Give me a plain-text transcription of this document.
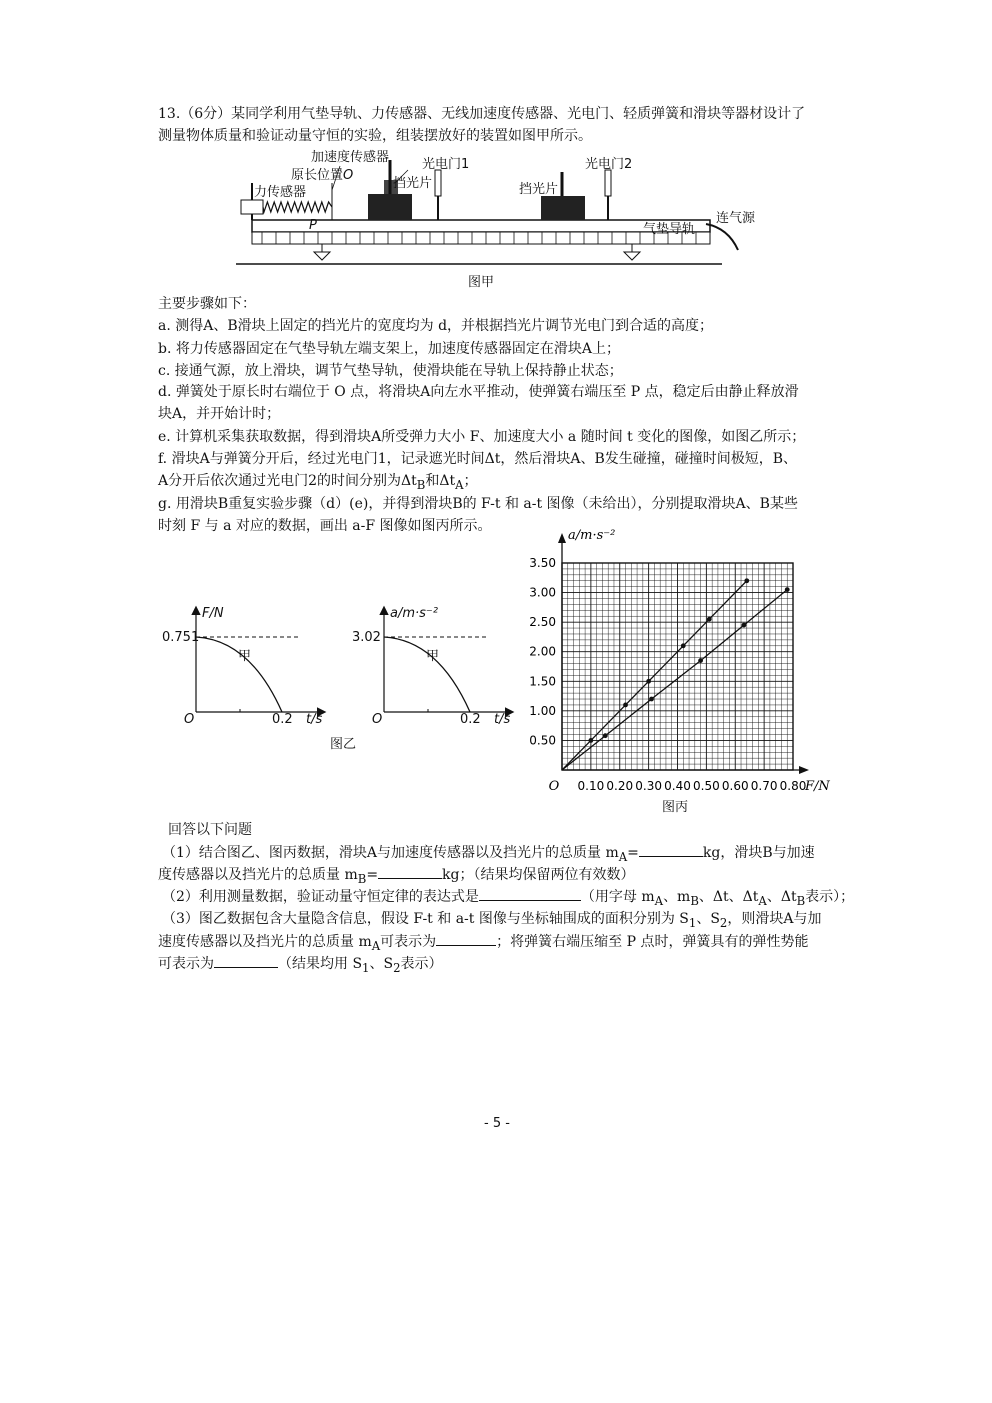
13.（6分）某同学利用气垫导轨、力传感器、无线加速度传感器、光电门、轻质弹簧和滑块等器材设计了
测量物体质量和验证动量守恒的实验，组装摆放好的装置如图甲所示。
加速度传感器
原长位置O
力传感器
挡光片	挡光片
光电门1	光电门2
气垫导轨
连气源
P
图甲
主要步骤如下：
a. 测得A、B滑块上固定的挡光片的宽度均为 d，并根据挡光片调节光电门到合适的高度；
b. 将力传感器固定在气垫导轨左端支架上，加速度传感器固定在滑块A上；
c. 接通气源，放上滑块，调节气垫导轨，使滑块能在导轨上保持静止状态；
d. 弹簧处于原长时右端位于 O 点，将滑块A向左水平推动，使弹簧右端压至 P 点，稳定后由静止释放滑
块A，并开始计时；
e. 计算机采集获取数据，得到滑块A所受弹力大小 F、加速度大小 a 随时间 t 变化的图像，如图乙所示；
f. 滑块A与弹簧分开后，经过光电门1，记录遮光时间Δt，然后滑块A、B发生碰撞，碰撞时间极短，B、
A分开后依次通过光电门2的时间分别为$\Delta t_B$和$\Delta t_A$；
g. 用滑块B重复实验步骤（d）(e)，并得到滑块B的 F-t 和 a-t 图像（未给出），分别提取滑块A、B某些
时刻 F 与 a 对应的数据，画出 a-F 图像如图丙所示。
F/N
0.751
甲
O	0.2 t/s
a/m·s⁻²
3.02
甲
O	0.2 t/s
图乙
0.10 0.20 0.30 0.40 0.50 0.60 0.70 0.80
0.50
1.00
1.50
2.00
2.50
3.00
3.50
O	F/N
a/m·s⁻²
图丙
回答以下问题
（1）结合图乙、图丙数据，滑块A与加速度传感器以及挡光片的总质量 $m_A=$	kg，滑块B与加速
度传感器以及挡光片的总质量 $m_B=$	kg；（结果均保留两位有效数）
（2）利用测量数据，验证动量守恒定律的表达式是	（用字母 $m_A$、$m_B$、Δt、$\Delta t_A$、$\Delta t_B$表示）；
（3）图乙数据包含大量隐含信息，假设 F-t 和 a-t 图像与坐标轴围成的面积分别为 $S_1$、$S_2$，则滑块A与加
速度传感器以及挡光片的总质量 $m_A$可表示为	；将弹簧右端压缩至 P 点时，弹簧具有的弹性势能
可表示为	（结果均用 $S_1$、$S_2$表示）
- 5 -
